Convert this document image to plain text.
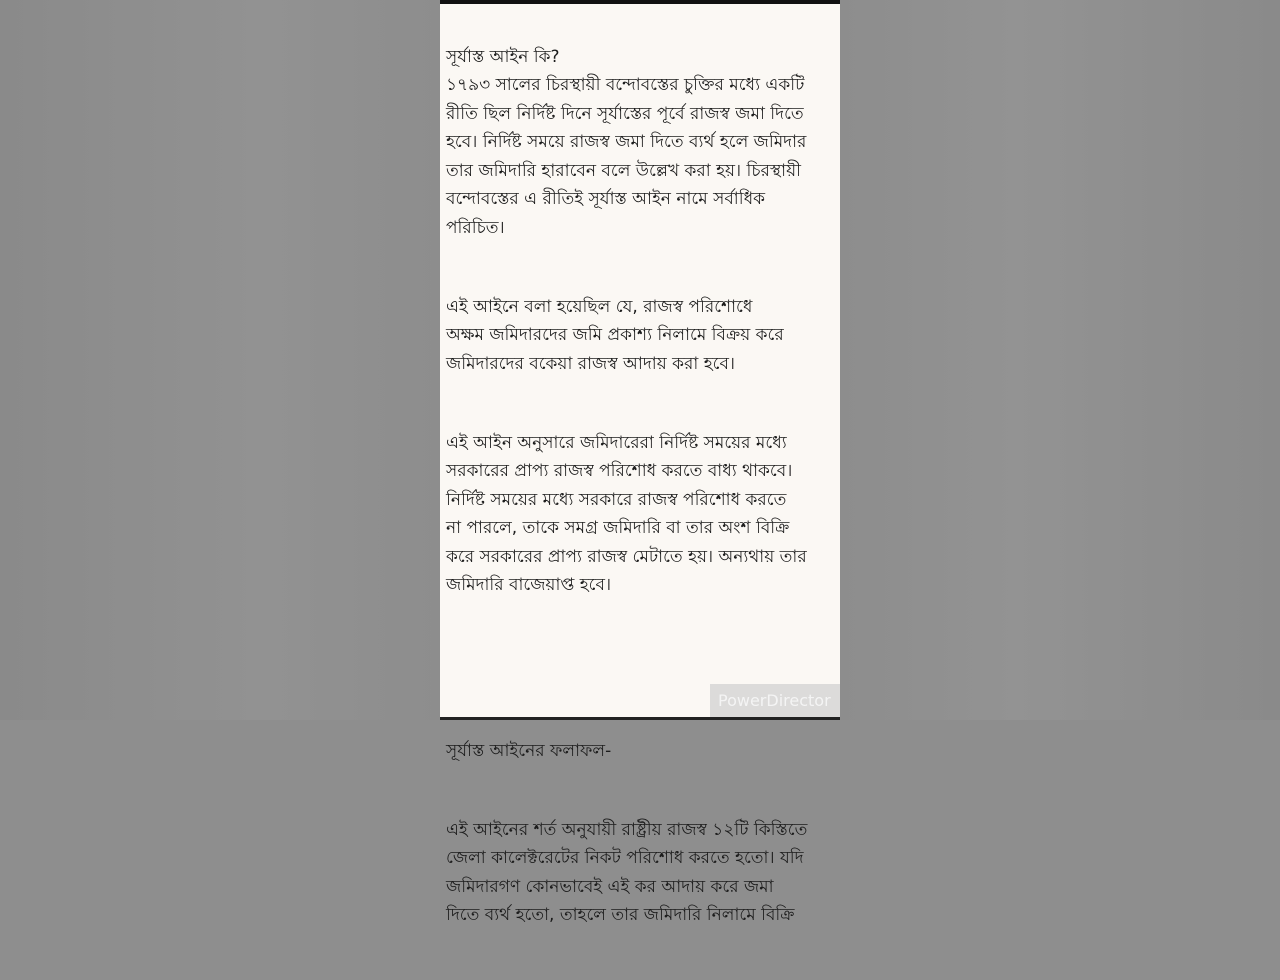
সূর্যাস্ত আইন কি?
১৭৯৩ সালের চিরস্থায়ী বন্দোবস্তের চুক্তির মধ্যে একটি
রীতি ছিল নির্দিষ্ট দিনে সূর্যাস্তের পূর্বে রাজস্ব জমা দিতে
হবে। নির্দিষ্ট সময়ে রাজস্ব জমা দিতে ব্যর্থ হলে জমিদার
তার জমিদারি হারাবেন বলে উল্লেখ করা হয়। চিরস্থায়ী
বন্দোবস্তের এ রীতিই সূর্যাস্ত আইন নামে সর্বাধিক
পরিচিত।

এই আইনে বলা হয়েছিল যে, রাজস্ব পরিশোধে
অক্ষম জমিদারদের জমি প্রকাশ্য নিলামে বিক্রয় করে
জমিদারদের বকেয়া রাজস্ব আদায় করা হবে।

এই আইন অনুসারে জমিদারেরা নির্দিষ্ট সময়ের মধ্যে
সরকারের প্রাপ্য রাজস্ব পরিশোধ করতে বাধ্য থাকবে।
নির্দিষ্ট সময়ের মধ্যে সরকারে রাজস্ব পরিশোধ করতে
না পারলে, তাকে সমগ্র জমিদারি বা তার অংশ বিক্রি
করে সরকারের প্রাপ্য রাজস্ব মেটাতে হয়। অন্যথায় তার
জমিদারি বাজেয়াপ্ত হবে।

সূর্যাস্ত আইনের ফলাফল-

এই আইনের শর্ত অনুযায়ী রাষ্ট্রীয় রাজস্ব ১২টি কিস্তিতে
জেলা কালেক্টরেটের নিকট পরিশোধ করতে হতো। যদি
জমিদারগণ কোনভাবেই এই কর আদায় করে জমা
দিতে ব্যর্থ হতো, তাহলে তার জমিদারি নিলামে বিক্রি

PowerDirector
